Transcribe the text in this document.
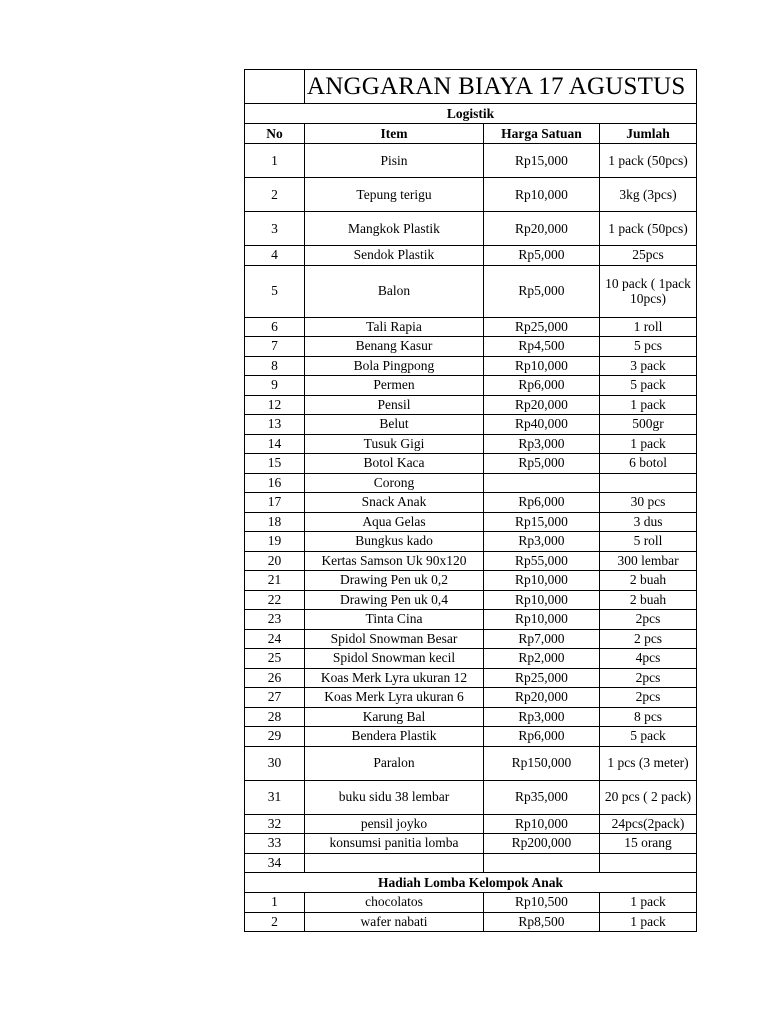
	ANGGARAN BIAYA 17 AGUSTUS		
Logistik			
No	Item	Harga Satuan	Jumlah
1	Pisin	Rp15,000	1 pack (50pcs)
2	Tepung terigu	Rp10,000	3kg (3pcs)
3	Mangkok Plastik	Rp20,000	1 pack (50pcs)
4	Sendok Plastik	Rp5,000	25pcs
5	Balon	Rp5,000	10 pack ( 1pack 10pcs)
6	Tali Rapia	Rp25,000	1 roll
7	Benang Kasur	Rp4,500	5 pcs
8	Bola Pingpong	Rp10,000	3 pack
9	Permen	Rp6,000	5 pack
12	Pensil	Rp20,000	1 pack
13	Belut	Rp40,000	500gr
14	Tusuk Gigi	Rp3,000	1 pack
15	Botol Kaca	Rp5,000	6 botol
16	Corong		
17	Snack Anak	Rp6,000	30 pcs
18	Aqua Gelas	Rp15,000	3 dus
19	Bungkus kado	Rp3,000	5 roll
20	Kertas Samson Uk 90x120	Rp55,000	300 lembar
21	Drawing Pen uk 0,2	Rp10,000	2 buah
22	Drawing Pen uk 0,4	Rp10,000	2 buah
23	Tinta Cina	Rp10,000	2pcs
24	Spidol Snowman Besar	Rp7,000	2 pcs
25	Spidol Snowman kecil	Rp2,000	4pcs
26	Koas Merk Lyra ukuran 12	Rp25,000	2pcs
27	Koas Merk Lyra ukuran 6	Rp20,000	2pcs
28	Karung Bal	Rp3,000	8 pcs
29	Bendera Plastik	Rp6,000	5 pack
30	Paralon	Rp150,000	1 pcs (3 meter)
31	buku sidu 38 lembar	Rp35,000	20 pcs ( 2 pack)
32	pensil joyko	Rp10,000	24pcs(2pack)
33	konsumsi panitia lomba	Rp200,000	15 orang
34			
Hadiah Lomba Kelompok Anak			
1	chocolatos	Rp10,500	1 pack
2	wafer nabati	Rp8,500	1 pack
